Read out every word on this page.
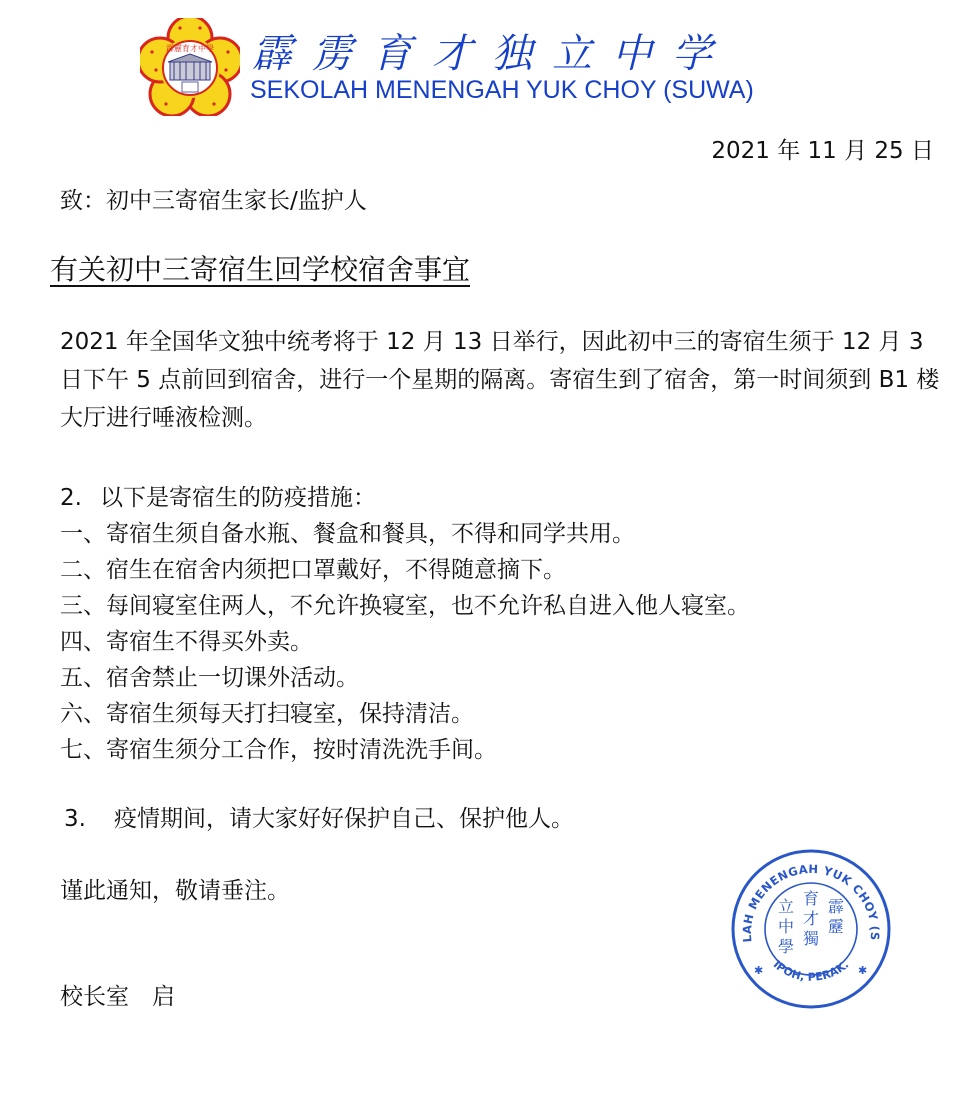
霹靂育才中學 霹雳育才独立中学
SEKOLAH MENENGAH YUK CHOY (SUWA)
2021 年 11 月 25 日
致：初中三寄宿生家长/监护人
有关初中三寄宿生回学校宿舍事宜
2021 年全国华文独中统考将于 12 月 13 日举行，因此初中三的寄宿生须于 12 月 3 日下午 5 点前回到宿舍，进行一个星期的隔离。寄宿生到了宿舍，第一时间须到 B1 楼大厅进行唾液检测。
2. 以下是寄宿生的防疫措施：
一、寄宿生须自备水瓶、餐盒和餐具，不得和同学共用。
二、宿生在宿舍内须把口罩戴好，不得随意摘下。
三、每间寝室住两人，不允许换寝室，也不允许私自进入他人寝室。
四、寄宿生不得买外卖。
五、宿舍禁止一切课外活动。
六、寄宿生须每天打扫寝室，保持清洁。
七、寄宿生须分工合作，按时清洗洗手间。
3. 疫情期间，请大家好好保护自己、保护他人。
谨此通知，敬请垂注。
校长室　启
LAH MENENGAH YUK CHOY (S
IPOH, PERAK.
✱	✱
霹靂育才獨立中學
